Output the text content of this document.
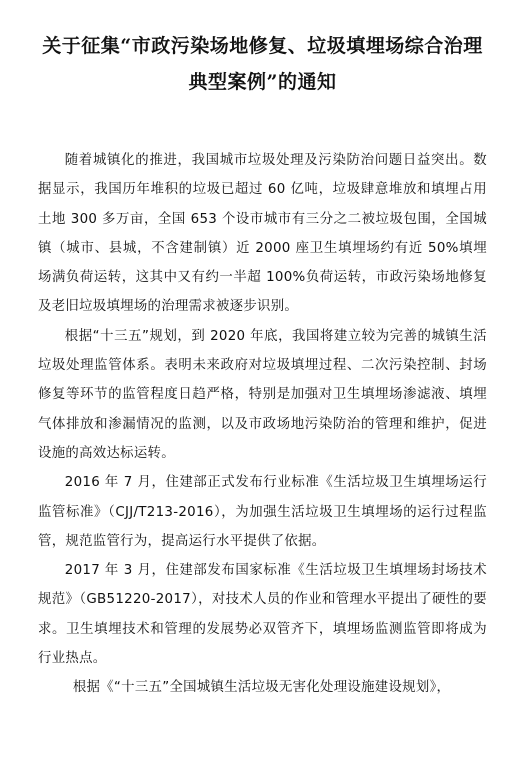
关于征集“市政污染场地修复、垃圾填埋场综合治理典型案例”的通知

随着城镇化的推进，我国城市垃圾处理及污染防治问题日益突出。数据显示，我国历年堆积的垃圾已超过 60 亿吨，垃圾肆意堆放和填埋占用土地 300 多万亩，全国 653 个设市城市有三分之二被垃圾包围，全国城镇（城市、县城，不含建制镇）近 2000 座卫生填埋场约有近 50%填埋场满负荷运转，这其中又有约一半超 100%负荷运转，市政污染场地修复及老旧垃圾填埋场的治理需求被逐步识别。

根据“十三五”规划，到 2020 年底，我国将建立较为完善的城镇生活垃圾处理监管体系。表明未来政府对垃圾填埋过程、二次污染控制、封场修复等环节的监管程度日趋严格，特别是加强对卫生填埋场渗滤液、填埋气体排放和渗漏情况的监测，以及市政场地污染防治的管理和维护，促进设施的高效达标运转。

2016 年 7 月，住建部正式发布行业标准《生活垃圾卫生填埋场运行监管标准》（CJJ/T213-2016），为加强生活垃圾卫生填埋场的运行过程监管，规范监管行为，提高运行水平提供了依据。

2017 年 3 月，住建部发布国家标准《生活垃圾卫生填埋场封场技术规范》（GB51220-2017），对技术人员的作业和管理水平提出了硬性的要求。卫生填埋技术和管理的发展势必双管齐下，填埋场监测监管即将成为行业热点。

根据《“十三五”全国城镇生活垃圾无害化处理设施建设规划》，
